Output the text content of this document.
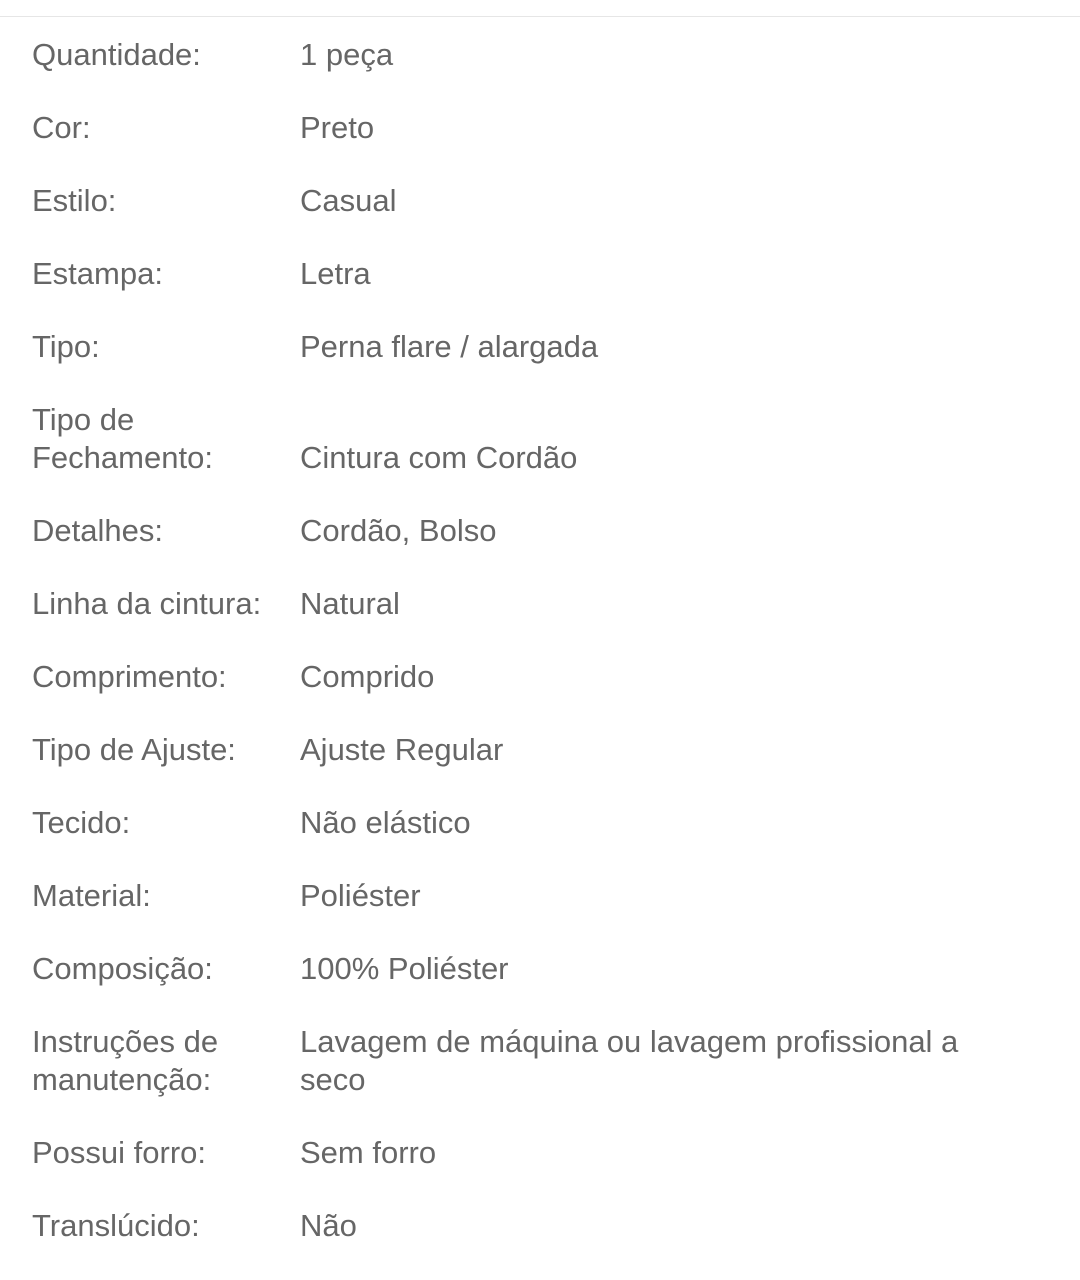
Quantidade:	1 peça
Cor:	Preto
Estilo:	Casual
Estampa:	Letra
Tipo:	Perna flare / alargada
Tipo de
Fechamento:	Cintura com Cordão
Detalhes:	Cordão, Bolso
Linha da cintura:	Natural
Comprimento:	Comprido
Tipo de Ajuste:	Ajuste Regular
Tecido:	Não elástico
Material:	Poliéster
Composição:	100% Poliéster
Instruções de
manutenção:
Lavagem de máquina ou lavagem profissional a
seco
Possui forro:	Sem forro
Translúcido:	Não
